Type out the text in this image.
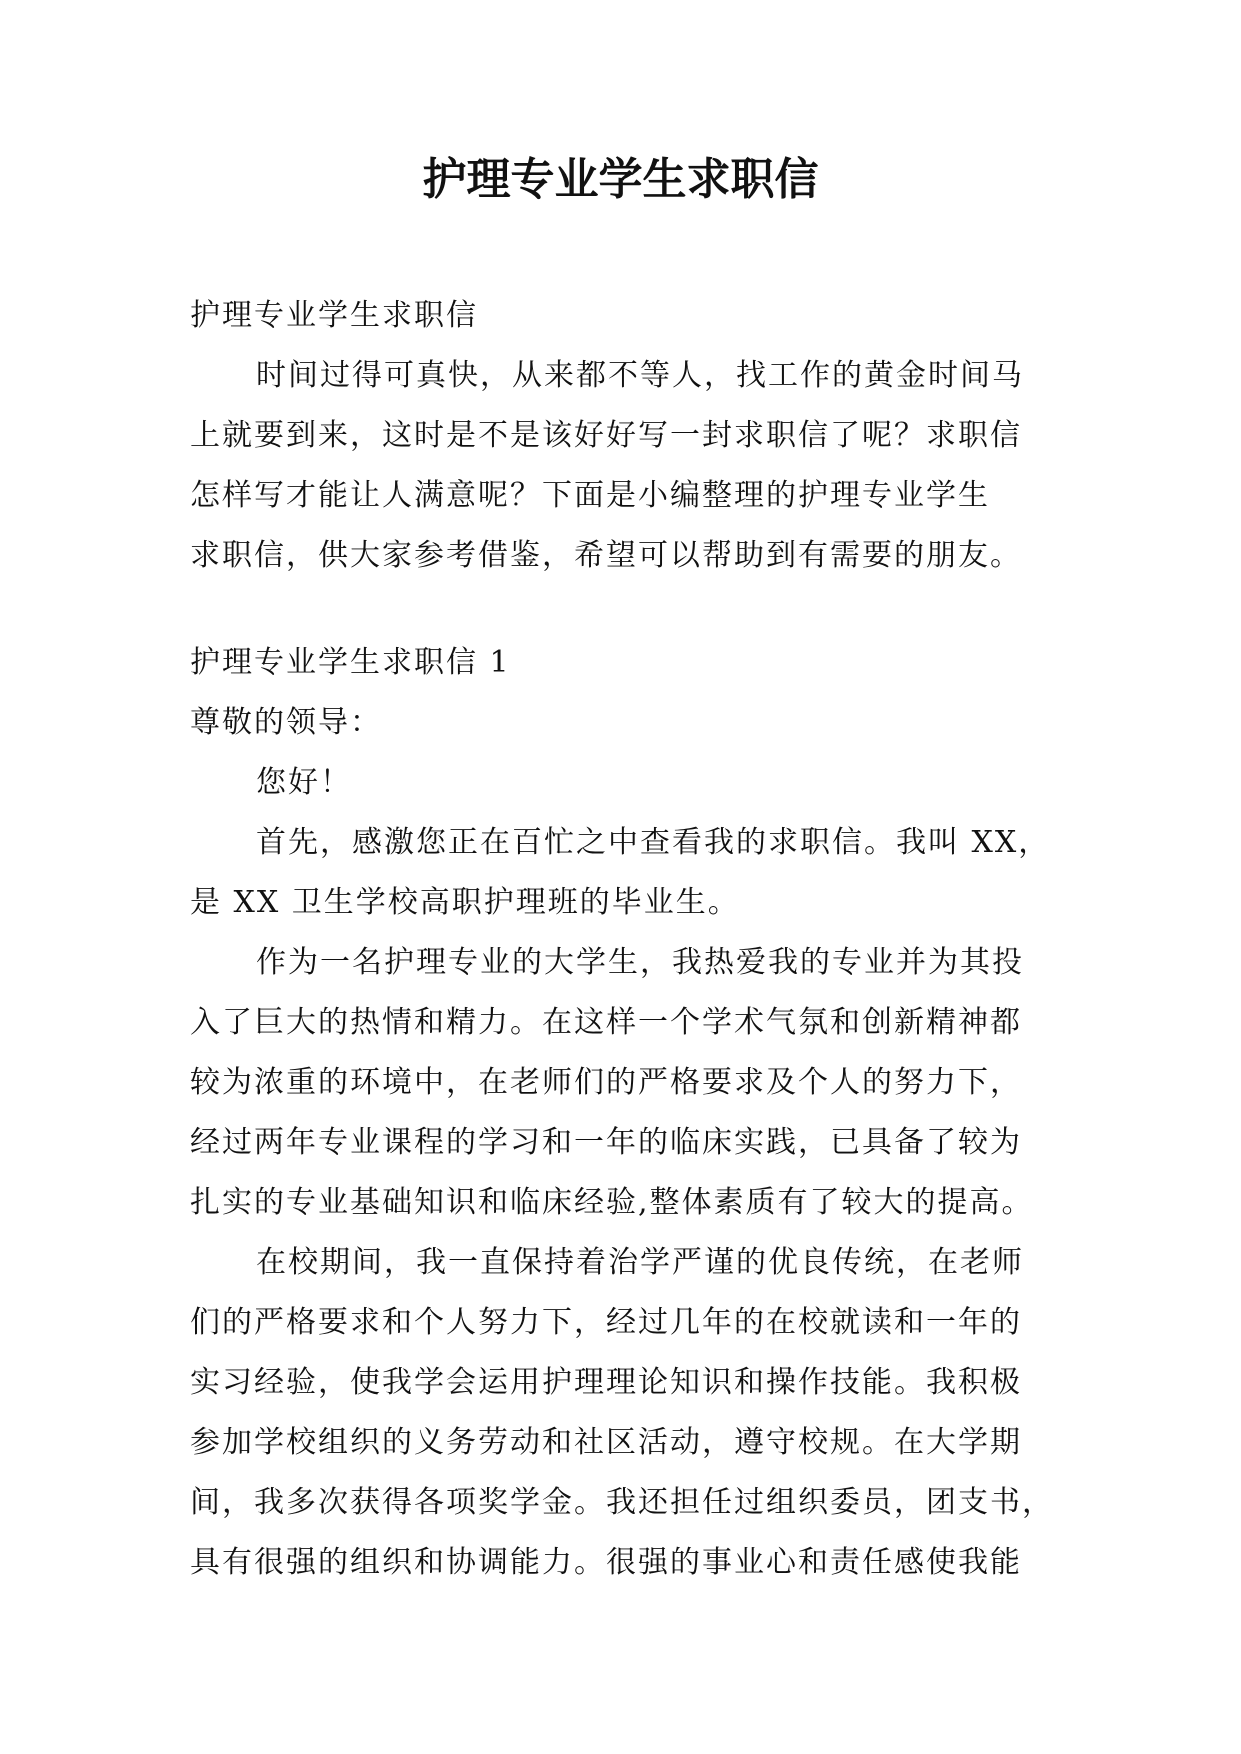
护理专业学生求职信
护理专业学生求职信
时间过得可真快，从来都不等人，找工作的黄金时间马
上就要到来，这时是不是该好好写一封求职信了呢？求职信
怎样写才能让人满意呢？下面是小编整理的护理专业学生
求职信，供大家参考借鉴，希望可以帮助到有需要的朋友。
护理专业学生求职信 1
尊敬的领导：
您好！
首先，感激您正在百忙之中查看我的求职信。我叫 XX，
是 XX 卫生学校高职护理班的毕业生。
作为一名护理专业的大学生，我热爱我的专业并为其投
入了巨大的热情和精力。在这样一个学术气氛和创新精神都
较为浓重的环境中，在老师们的严格要求及个人的努力下，
经过两年专业课程的学习和一年的临床实践，已具备了较为
扎实的专业基础知识和临床经验,整体素质有了较大的提高。
在校期间，我一直保持着治学严谨的优良传统，在老师
们的严格要求和个人努力下，经过几年的在校就读和一年的
实习经验，使我学会运用护理理论知识和操作技能。我积极
参加学校组织的义务劳动和社区活动，遵守校规。在大学期
间，我多次获得各项奖学金。我还担任过组织委员，团支书，
具有很强的组织和协调能力。很强的事业心和责任感使我能
